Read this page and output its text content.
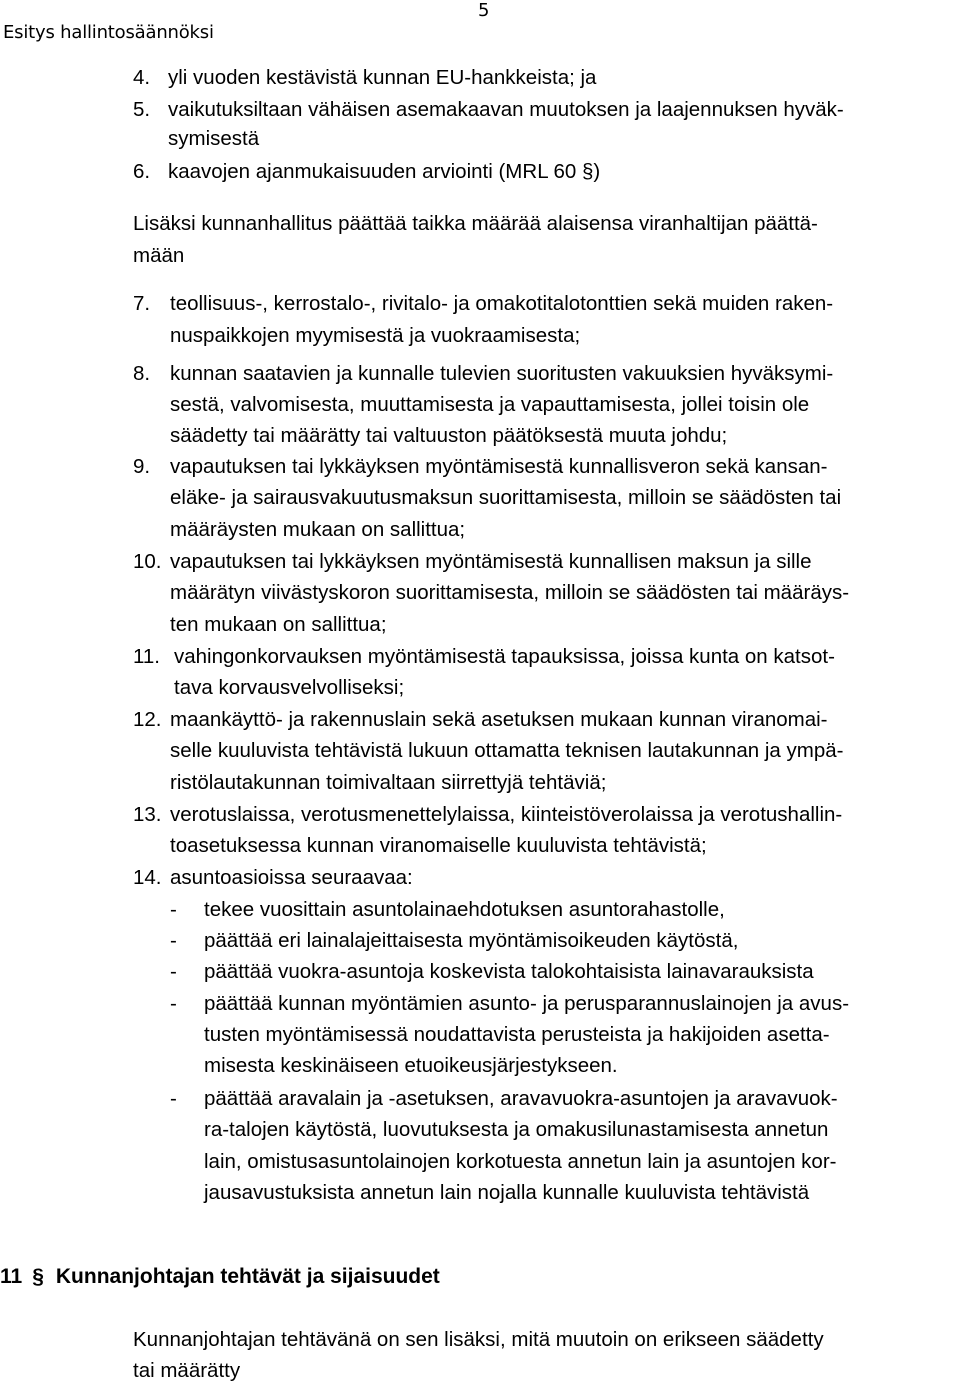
Esitys hallintosäännöksi
5
4. yli vuoden kestävistä kunnan EU-hankkeista; ja
5. vaikutuksiltaan vähäisen asemakaavan muutoksen ja laajennuksen hyväk-
symisestä
6. kaavojen ajanmukaisuuden arviointi (MRL 60 §)
Lisäksi kunnanhallitus päättää taikka määrää alaisensa viranhaltijan päättä-
mään
7. teollisuus-, kerrostalo-, rivitalo- ja omakotitalotonttien sekä muiden raken-
nuspaikkojen myymisestä ja vuokraamisesta;
8. kunnan saatavien ja kunnalle tulevien suoritusten vakuuksien hyväksymi-
sestä, valvomisesta, muuttamisesta ja vapauttamisesta, jollei toisin ole
säädetty tai määrätty tai valtuuston päätöksestä muuta johdu;
9. vapautuksen tai lykkäyksen myöntämisestä kunnallisveron sekä kansan-
eläke- ja sairausvakuutusmaksun suorittamisesta, milloin se säädösten tai
määräysten mukaan on sallittua;
10. vapautuksen tai lykkäyksen myöntämisestä kunnallisen maksun ja sille
määrätyn viivästyskoron suorittamisesta, milloin se säädösten tai määräys-
ten mukaan on sallittua;
11. vahingonkorvauksen myöntämisestä tapauksissa, joissa kunta on katsot-
tava korvausvelvolliseksi;
12. maankäyttö- ja rakennuslain sekä asetuksen mukaan kunnan viranomai-
selle kuuluvista tehtävistä lukuun ottamatta teknisen lautakunnan ja ympä-
ristölautakunnan toimivaltaan siirrettyjä tehtäviä;
13. verotuslaissa, verotusmenettelylaissa, kiinteistöverolaissa ja verotushallin-
toasetuksessa kunnan viranomaiselle kuuluvista tehtävistä;
14. asuntoasioissa seuraavaa:
- tekee vuosittain asuntolainaehdotuksen asuntorahastolle,
- päättää eri lainalajeittaisesta myöntämisoikeuden käytöstä,
- päättää vuokra-asuntoja koskevista talokohtaisista lainavarauksista
- päättää kunnan myöntämien asunto- ja perusparannuslainojen ja avus-
tusten myöntämisessä noudattavista perusteista ja hakijoiden asetta-
misesta keskinäiseen etuoikeusjärjestykseen.
- päättää aravalain ja -asetuksen, aravavuokra-asuntojen ja aravavuok-
ra-talojen käytöstä, luovutuksesta ja omakusilunastamisesta annetun
lain, omistusasuntolainojen korkotuesta annetun lain ja asuntojen kor-
jausavustuksista annetun lain nojalla kunnalle kuuluvista tehtävistä
11 § Kunnanjohtajan tehtävät ja sijaisuudet
Kunnanjohtajan tehtävänä on sen lisäksi, mitä muutoin on erikseen säädetty
tai määrätty
